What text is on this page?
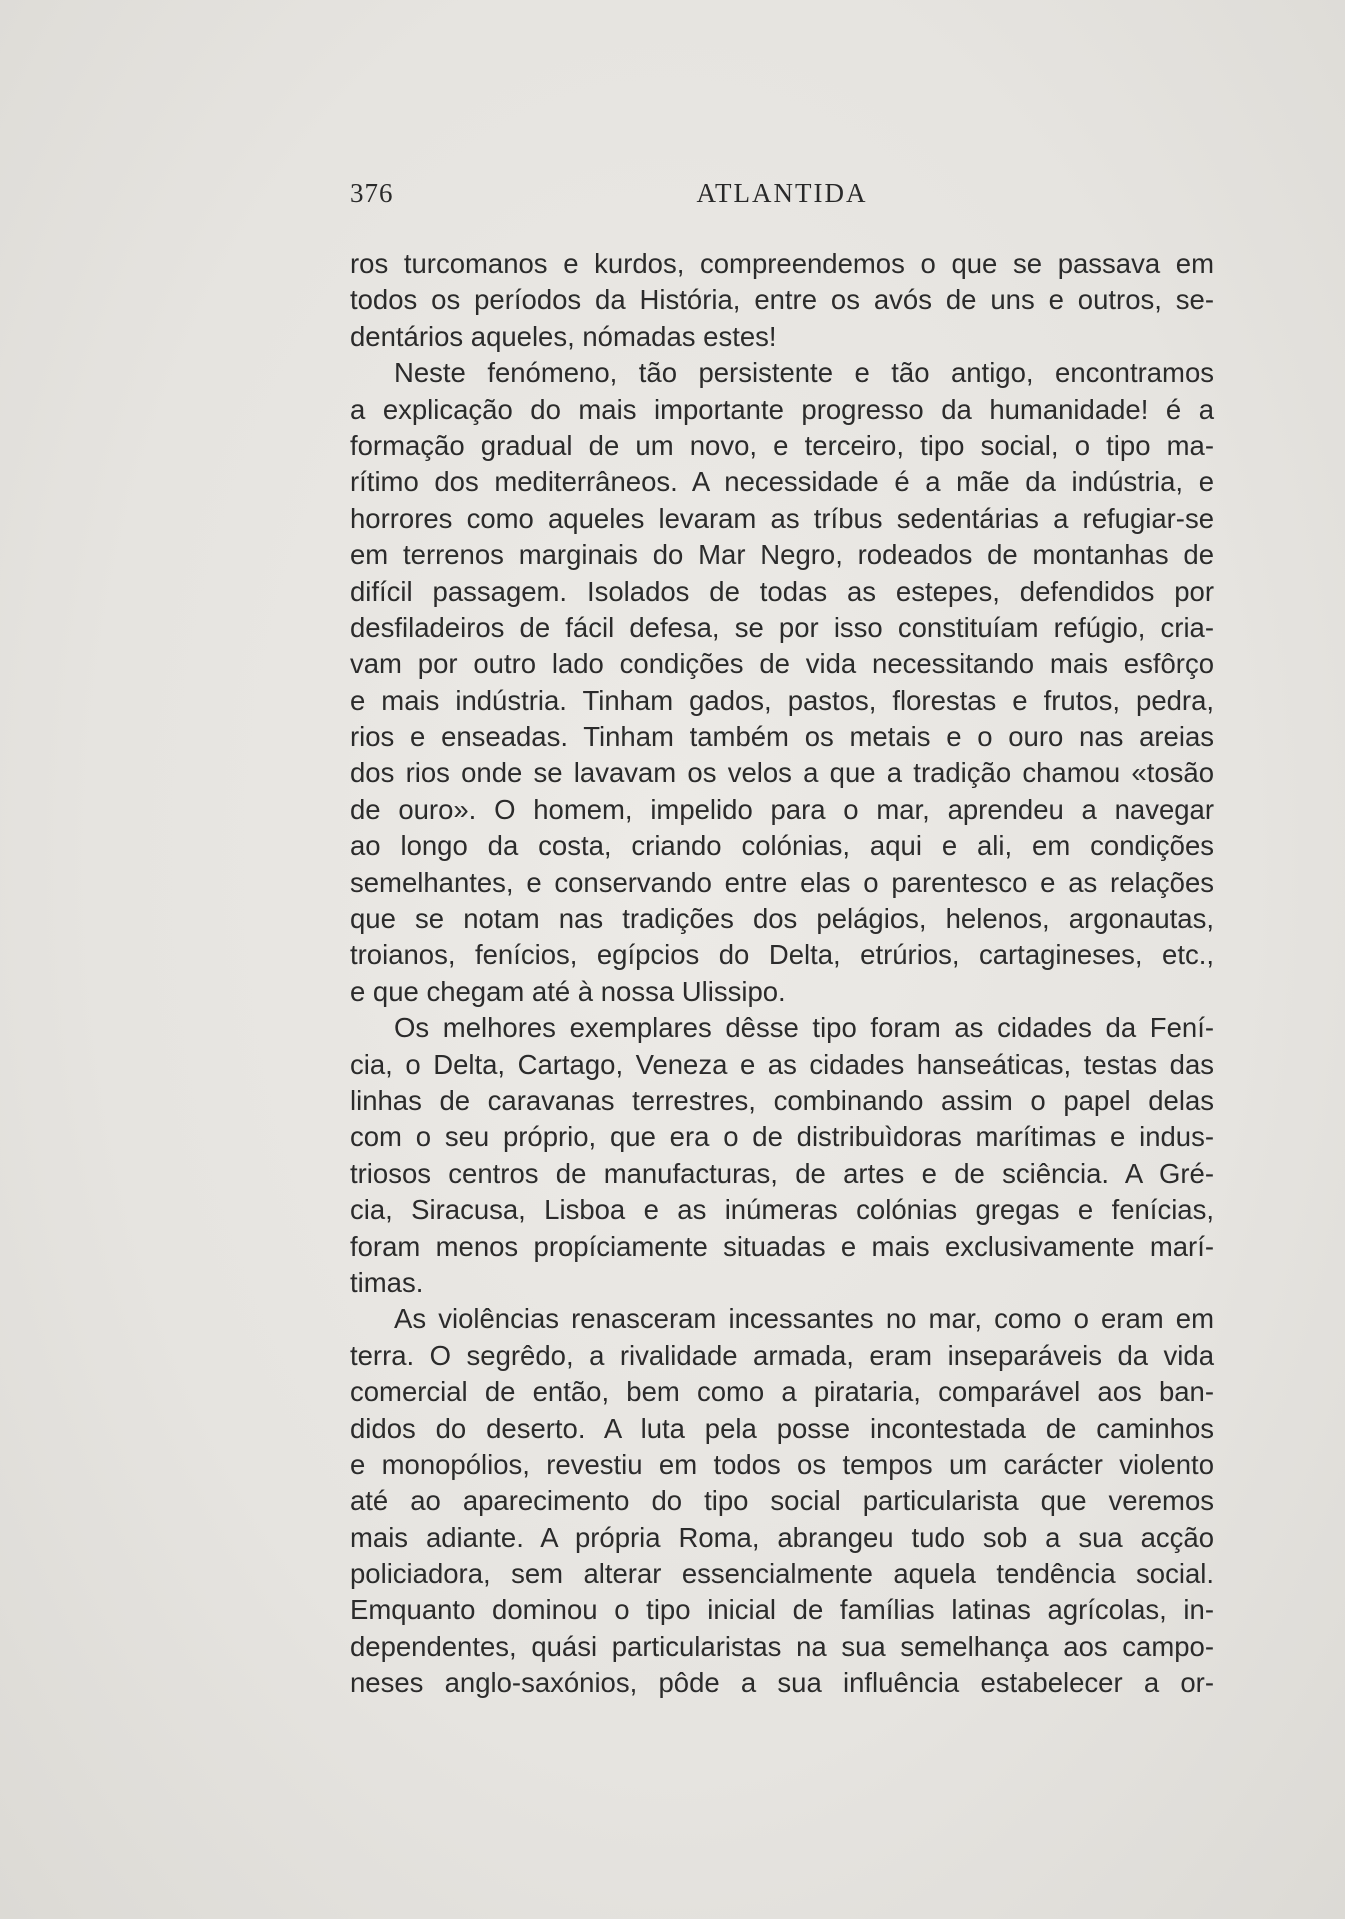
376	ATLANTIDA
ros turcomanos e kurdos, compreendemos o que se passava em
todos os períodos da História, entre os avós de uns e outros, se-
dentários aqueles, nómadas estes!
Neste fenómeno, tão persistente e tão antigo, encontramos
a explicação do mais importante progresso da humanidade! é a
formação gradual de um novo, e terceiro, tipo social, o tipo ma-
rítimo dos mediterrâneos. A necessidade é a mãe da indústria, e
horrores como aqueles levaram as tríbus sedentárias a refugiar-se
em terrenos marginais do Mar Negro, rodeados de montanhas de
difícil passagem. Isolados de todas as estepes, defendidos por
desfiladeiros de fácil defesa, se por isso constituíam refúgio, cria-
vam por outro lado condições de vida necessitando mais esfôrço
e mais indústria. Tinham gados, pastos, florestas e frutos, pedra,
rios e enseadas. Tinham também os metais e o ouro nas areias
dos rios onde se lavavam os velos a que a tradição chamou «tosão
de ouro». O homem, impelido para o mar, aprendeu a navegar
ao longo da costa, criando colónias, aqui e ali, em condições
semelhantes, e conservando entre elas o parentesco e as relações
que se notam nas tradições dos pelágios, helenos, argonautas,
troianos, fenícios, egípcios do Delta, etrúrios, cartagineses, etc.,
e que chegam até à nossa Ulissipo.
Os melhores exemplares dêsse tipo foram as cidades da Fení-
cia, o Delta, Cartago, Veneza e as cidades hanseáticas, testas das
linhas de caravanas terrestres, combinando assim o papel delas
com o seu próprio, que era o de distribuìdoras marítimas e indus-
triosos centros de manufacturas, de artes e de sciência. A Gré-
cia, Siracusa, Lisboa e as inúmeras colónias gregas e fenícias,
foram menos propíciamente situadas e mais exclusivamente marí-
timas.
As violências renasceram incessantes no mar, como o eram em
terra. O segrêdo, a rivalidade armada, eram inseparáveis da vida
comercial de então, bem como a pirataria, comparável aos ban-
didos do deserto. A luta pela posse incontestada de caminhos
e monopólios, revestiu em todos os tempos um carácter violento
até ao aparecimento do tipo social particularista que veremos
mais adiante. A própria Roma, abrangeu tudo sob a sua acção
policiadora, sem alterar essencialmente aquela tendência social.
Emquanto dominou o tipo inicial de famílias latinas agrícolas, in-
dependentes, quási particularistas na sua semelhança aos campo-
neses anglo-saxónios, pôde a sua influência estabelecer a or-
